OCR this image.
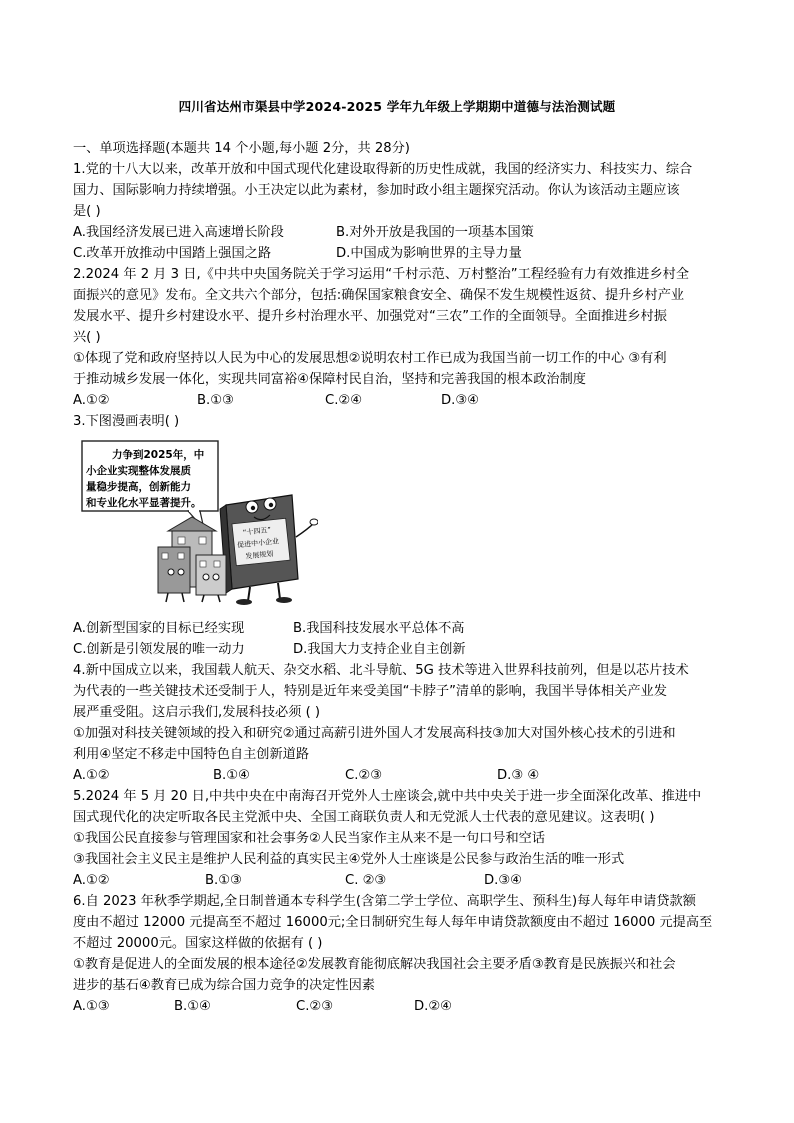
四川省达州市渠县中学2024-2025 学年九年级上学期期中道德与法治测试题
一、单项选择题(本题共 14 个小题,每小题 2分，共 28分)
1.党的十八大以来，改革开放和中国式现代化建设取得新的历史性成就，我国的经济实力、科技实力、综合
国力、国际影响力持续增强。小王决定以此为素材，参加时政小组主题探究活动。你认为该活动主题应该
是( )
A.我国经济发展已进入高速增长阶段	B.对外开放是我国的一项基本国策
C.改革开放推动中国踏上强国之路	D.中国成为影响世界的主导力量
2.2024 年 2 月 3 日,《中共中央国务院关于学习运用“千村示范、万村整治”工程经验有力有效推进乡村全
面振兴的意见》发布。全文共六个部分，包括:确保国家粮食安全、确保不发生规模性返贫、提升乡村产业
发展水平、提升乡村建设水平、提升乡村治理水平、加强党对“三农”工作的全面领导。全面推进乡村振
兴( )
①体现了党和政府坚持以人民为中心的发展思想②说明农村工作已成为我国当前一切工作的中心 ③有利
于推动城乡发展一体化，实现共同富裕④保障村民自治，坚持和完善我国的根本政治制度
A.①②	B.①③	C.②④	D.③④
3.下图漫画表明( )
力争到2025年，中
小企业实现整体发展质
量稳步提高，创新能力
和专业化水平显著提升。
“十四五”
促进中小企业
发展规划
A.创新型国家的目标已经实现	B.我国科技发展水平总体不高
C.创新是引领发展的唯一动力	D.我国大力支持企业自主创新
4.新中国成立以来，我国载人航天、杂交水稻、北斗导航、5G 技术等进入世界科技前列，但是以芯片技术
为代表的一些关键技术还受制于人，特别是近年来受美国“卡脖子”清单的影响，我国半导体相关产业发
展严重受阻。这启示我们,发展科技必须 ( )
①加强对科技关键领域的投入和研究②通过高薪引进外国人才发展高科技③加大对国外核心技术的引进和
利用④坚定不移走中国特色自主创新道路
A.①②	B.①④	C.②③	D.③ ④
5.2024 年 5 月 20 日,中共中央在中南海召开党外人士座谈会,就中共中央关于进一步全面深化改革、推进中
国式现代化的决定听取各民主党派中央、全国工商联负责人和无党派人士代表的意见建议。这表明( )
①我国公民直接参与管理国家和社会事务②人民当家作主从来不是一句口号和空话
③我国社会主义民主是维护人民利益的真实民主④党外人士座谈是公民参与政治生活的唯一形式
A.①②	B.①③	C. ②③	D.③④
6.自 2023 年秋季学期起,全日制普通本专科学生(含第二学士学位、高职学生、预科生)每人每年申请贷款额
度由不超过 12000 元提高至不超过 16000元;全日制研究生每人每年申请贷款额度由不超过 16000 元提高至
不超过 20000元。国家这样做的依据有 ( )
①教育是促进人的全面发展的根本途径②发展教育能彻底解决我国社会主要矛盾③教育是民族振兴和社会
进步的基石④教育已成为综合国力竞争的决定性因素
A.①③	B.①④	C.②③	D.②④
